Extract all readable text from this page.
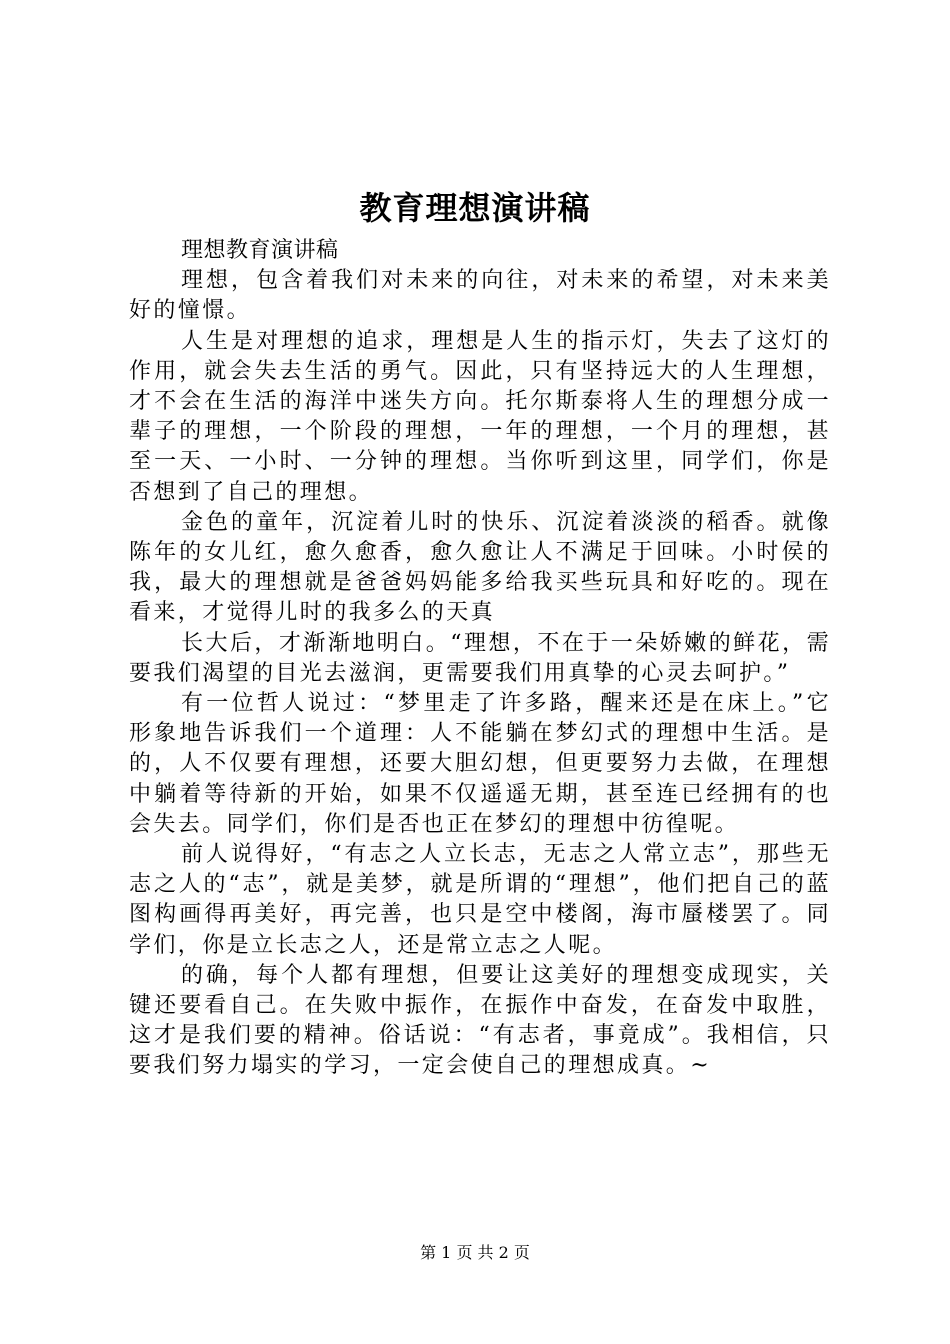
教育理想演讲稿

理想教育演讲稿

理想，包含着我们对未来的向往，对未来的希望，对未来美好的憧憬。

人生是对理想的追求，理想是人生的指示灯，失去了这灯的作用，就会失去生活的勇气。因此，只有坚持远大的人生理想，才不会在生活的海洋中迷失方向。托尔斯泰将人生的理想分成一辈子的理想，一个阶段的理想，一年的理想，一个月的理想，甚至一天、一小时、一分钟的理想。当你听到这里，同学们，你是否想到了自己的理想。

金色的童年，沉淀着儿时的快乐、沉淀着淡淡的稻香。就像陈年的女儿红，愈久愈香，愈久愈让人不满足于回味。小时侯的我，最大的理想就是爸爸妈妈能多给我买些玩具和好吃的。现在看来，才觉得儿时的我多么的天真

长大后，才渐渐地明白。“理想，不在于一朵娇嫩的鲜花，需要我们渴望的目光去滋润，更需要我们用真挚的心灵去呵护。”

有一位哲人说过：“梦里走了许多路，醒来还是在床上。”它形象地告诉我们一个道理：人不能躺在梦幻式的理想中生活。是的，人不仅要有理想，还要大胆幻想，但更要努力去做，在理想中躺着等待新的开始，如果不仅遥遥无期，甚至连已经拥有的也会失去。同学们，你们是否也正在梦幻的理想中彷徨呢。

前人说得好，“有志之人立长志，无志之人常立志”，那些无志之人的“志”，就是美梦，就是所谓的“理想”，他们把自己的蓝图构画得再美好，再完善，也只是空中楼阁，海市蜃楼罢了。同学们，你是立长志之人，还是常立志之人呢。

的确，每个人都有理想，但要让这美好的理想变成现实，关键还要看自己。在失败中振作，在振作中奋发，在奋发中取胜，这才是我们要的精神。俗话说：“有志者，事竟成”。我相信，只要我们努力塌实的学习，一定会使自己的理想成真。~

第 1 页 共 2 页
